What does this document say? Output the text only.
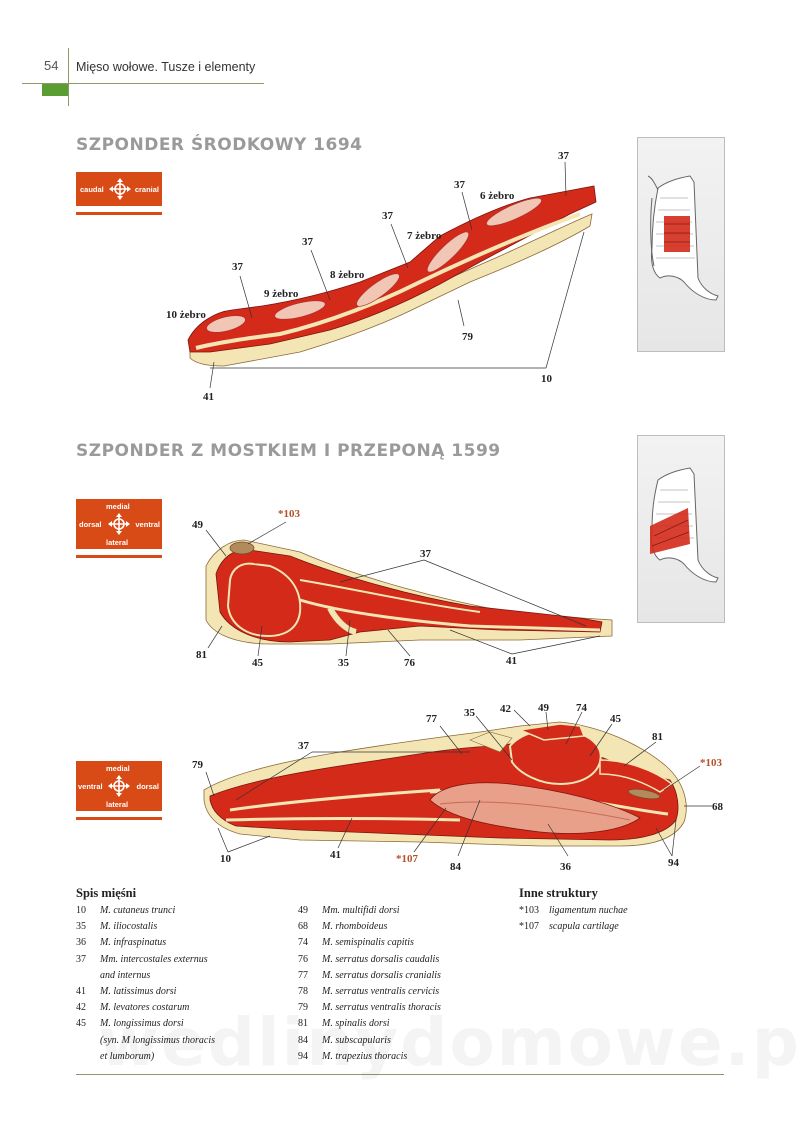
54 Mięso wołowe. Tusze i elementy
SZPONDER ŚRODKOWY 1694
caudal	cranial
37
37
37
37
37
6 żebro
7 żebro
8 żebro
9 żebro
10 żebro
79
10
41
SZPONDER Z MOSTKIEM I PRZEPONĄ 1599
medial
dorsal	ventral
lateral
49
*103
37
81
45	35	76	41
medial
ventral	dorsal
lateral
42 49 74
77 35	45
81
*103
37
79
68
10	41	*107
84	36	94
Spis mięśni
10	M. cutaneus trunci
35	M. iliocostalis
36	M. infraspinatus
37	Mm. intercostales externus
and internus
41	M. latissimus dorsi
42	M. levatores costarum
45	M. longissimus dorsi
(syn. M longissimus thoracis
et lumborum)
49	Mm. multifidi dorsi
68	M. rhomboideus
74	M. semispinalis capitis
76	M. serratus dorsalis caudalis
77	M. serratus dorsalis cranialis
78	M. serratus ventralis cervicis
79	M. serratus ventralis thoracis
81	M. spinalis dorsi
84	M. subscapularis
94	M. trapezius thoracis
Inne struktury
*103	ligamentum nuchae
*107	scapula cartilage
